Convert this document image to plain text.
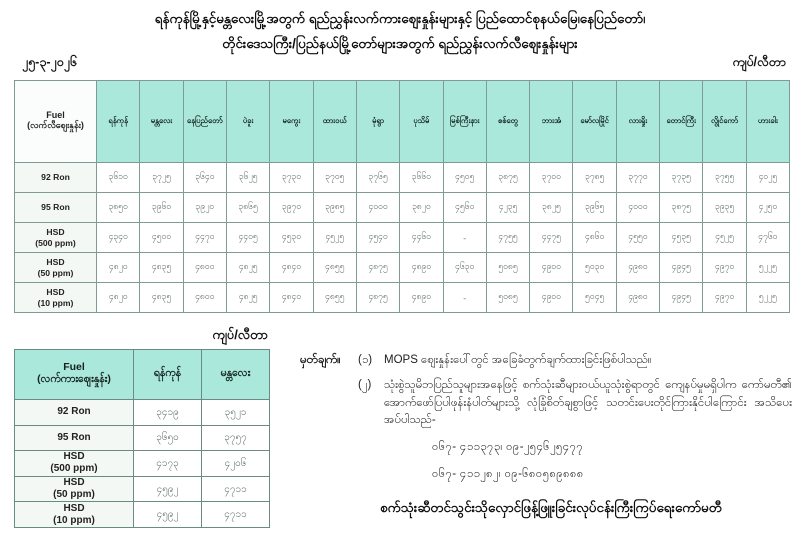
ရန်ကုန်မြို့နှင့်မန္တလေးမြို့အတွက် ရည်ညွှန်းလက်ကားဈေးနှုန်းများနှင့် ပြည်ထောင်စုနယ်မြေ၊နေပြည်တော်၊
တိုင်းဒေသကြီး/ပြည်နယ်မြို့တော်များအတွက် ရည်ညွှန်းလက်လီဈေးနှုန်းများ
၂၅-၃-၂၀၂၆	ကျပ်/လီတာ
Fuel
(လက်လီဈေးနှုန်း)	ရန်ကုန်	မန္တလေး	နေပြည်တော်	ပဲခူး	မကွေး	ထားဝယ်	မုံရွာ	ပုသိမ်	မြစ်ကြီးနား	စစ်တွေ	ဘားအံ	မော်လမြိုင်	လားရှိုး	တောင်ကြီး	လွိုင်ကော်	ဟားခါး

92 Ron	၃၆၁၀	၃၇၂၅	၃၆၄၀	၃၆၂၅	၃၇၃၀	၃၇၀၅	၃၇၆၅	၃၆၆၀	၄၅၀၅	၃၈၇၅	၃၇၀၀	၃၇၈၅	၃၇၇၀	၃၇၃၅	၃၇၅၅	၄၀၂၅

95 Ron	၃၈၅၀	၃၉၆၀	၃၉၂၀	၃၈၆၅	၃၉၇၀	၃၉၈၅	၄၀၀၀	၃၈၂၀	၄၅၆၀	၄၂၃၅	၃၈၂၅	၃၉၆၅	၄၀၀၀	၃၈၇၅	၃၉၃၅	၄၂၅၀

HSD
(500 ppm)	၄၃၄၀	၄၅၀၀	၄၄၇၀	၄၄၀၅	၄၅၃၀	၄၅၂၅	၄၅၄၀	၄၄၆၀	-	၄၇၅၅	၄၄၇၅	၄၈၆၀	၄၅၅၀	၄၅၃၅	၄၅၂၅	၄၇၆၀

HSD
(50 ppm)	၄၈၂၀	၄၈၃၅	၄၈၀၀	၄၈၂၅	၄၈၄၀	၄၈၅၅	၄၈၇၅	၄၈၉၀	၄၆၃၀	၅၀၈၅	၄၉၀၀	၅၀၃၀	၄၉၈၀	၄၉၄၅	၄၉၇၀	၅၂၂၅

HSD
(10 ppm)	၄၈၂၀	၄၈၃၅	၄၈၀၀	၄၈၂၅	၄၈၄၀	၄၈၅၅	၄၈၇၅	၄၈၉၀	-	၅၀၈၅	၄၉၀၀	၅၀၄၅	၄၉၈၀	၄၉၄၅	၄၉၇၀	၅၂၂၅
ကျပ်/လီတာ
Fuel
(လက်ကားဈေးနှုန်း)	ရန်ကုန်	မန္တလေး

92 Ron	၃၄၁၉	၃၅၂၁

95 Ron	၃၆၅၀	၃၇၅၇

HSD
(500 ppm)	၄၁၇၃	၄၂၀၆

HSD
(50 ppm)	၄၅၉၂	၄၇၁၁

HSD
(10 ppm)	၄၅၉၂	၄၇၁၁
မှတ်ချက်။	(၁)	MOPS ဈေးနှုန်းပေါ်တွင် အခြေခံတွက်ချက်ထားခြင်းဖြစ်ပါသည်။
(၂)	သုံးစွဲသူမိဘပြည်သူများအနေဖြင့် စက်သုံးဆီများဝယ်ယူသုံးစွဲရာတွင် ကျေနပ်မှုမရှိပါက ကော်မတီ၏ အောက်ဖော်ပြပါဖုန်းနံပါတ်များသို့ လုံခြုံစိတ်ချစွာဖြင့် သတင်းပေးတိုင်ကြားနိုင်ပါကြောင်း အသိပေးအပ်ပါသည်-
၀၆၇- ၄၁၁၃၇၃၊ ၀၉-၂၅၄၆၂၅၄၇၇
၀၆၇- ၄၁၁၂၈၂၊ ၀၉-၆၈၀၅၈၉၈၈၈
စက်သုံးဆီတင်သွင်းသိုလှောင်ဖြန့်ဖြူးခြင်းလုပ်ငန်းကြီးကြပ်ရေးကော်မတီ
